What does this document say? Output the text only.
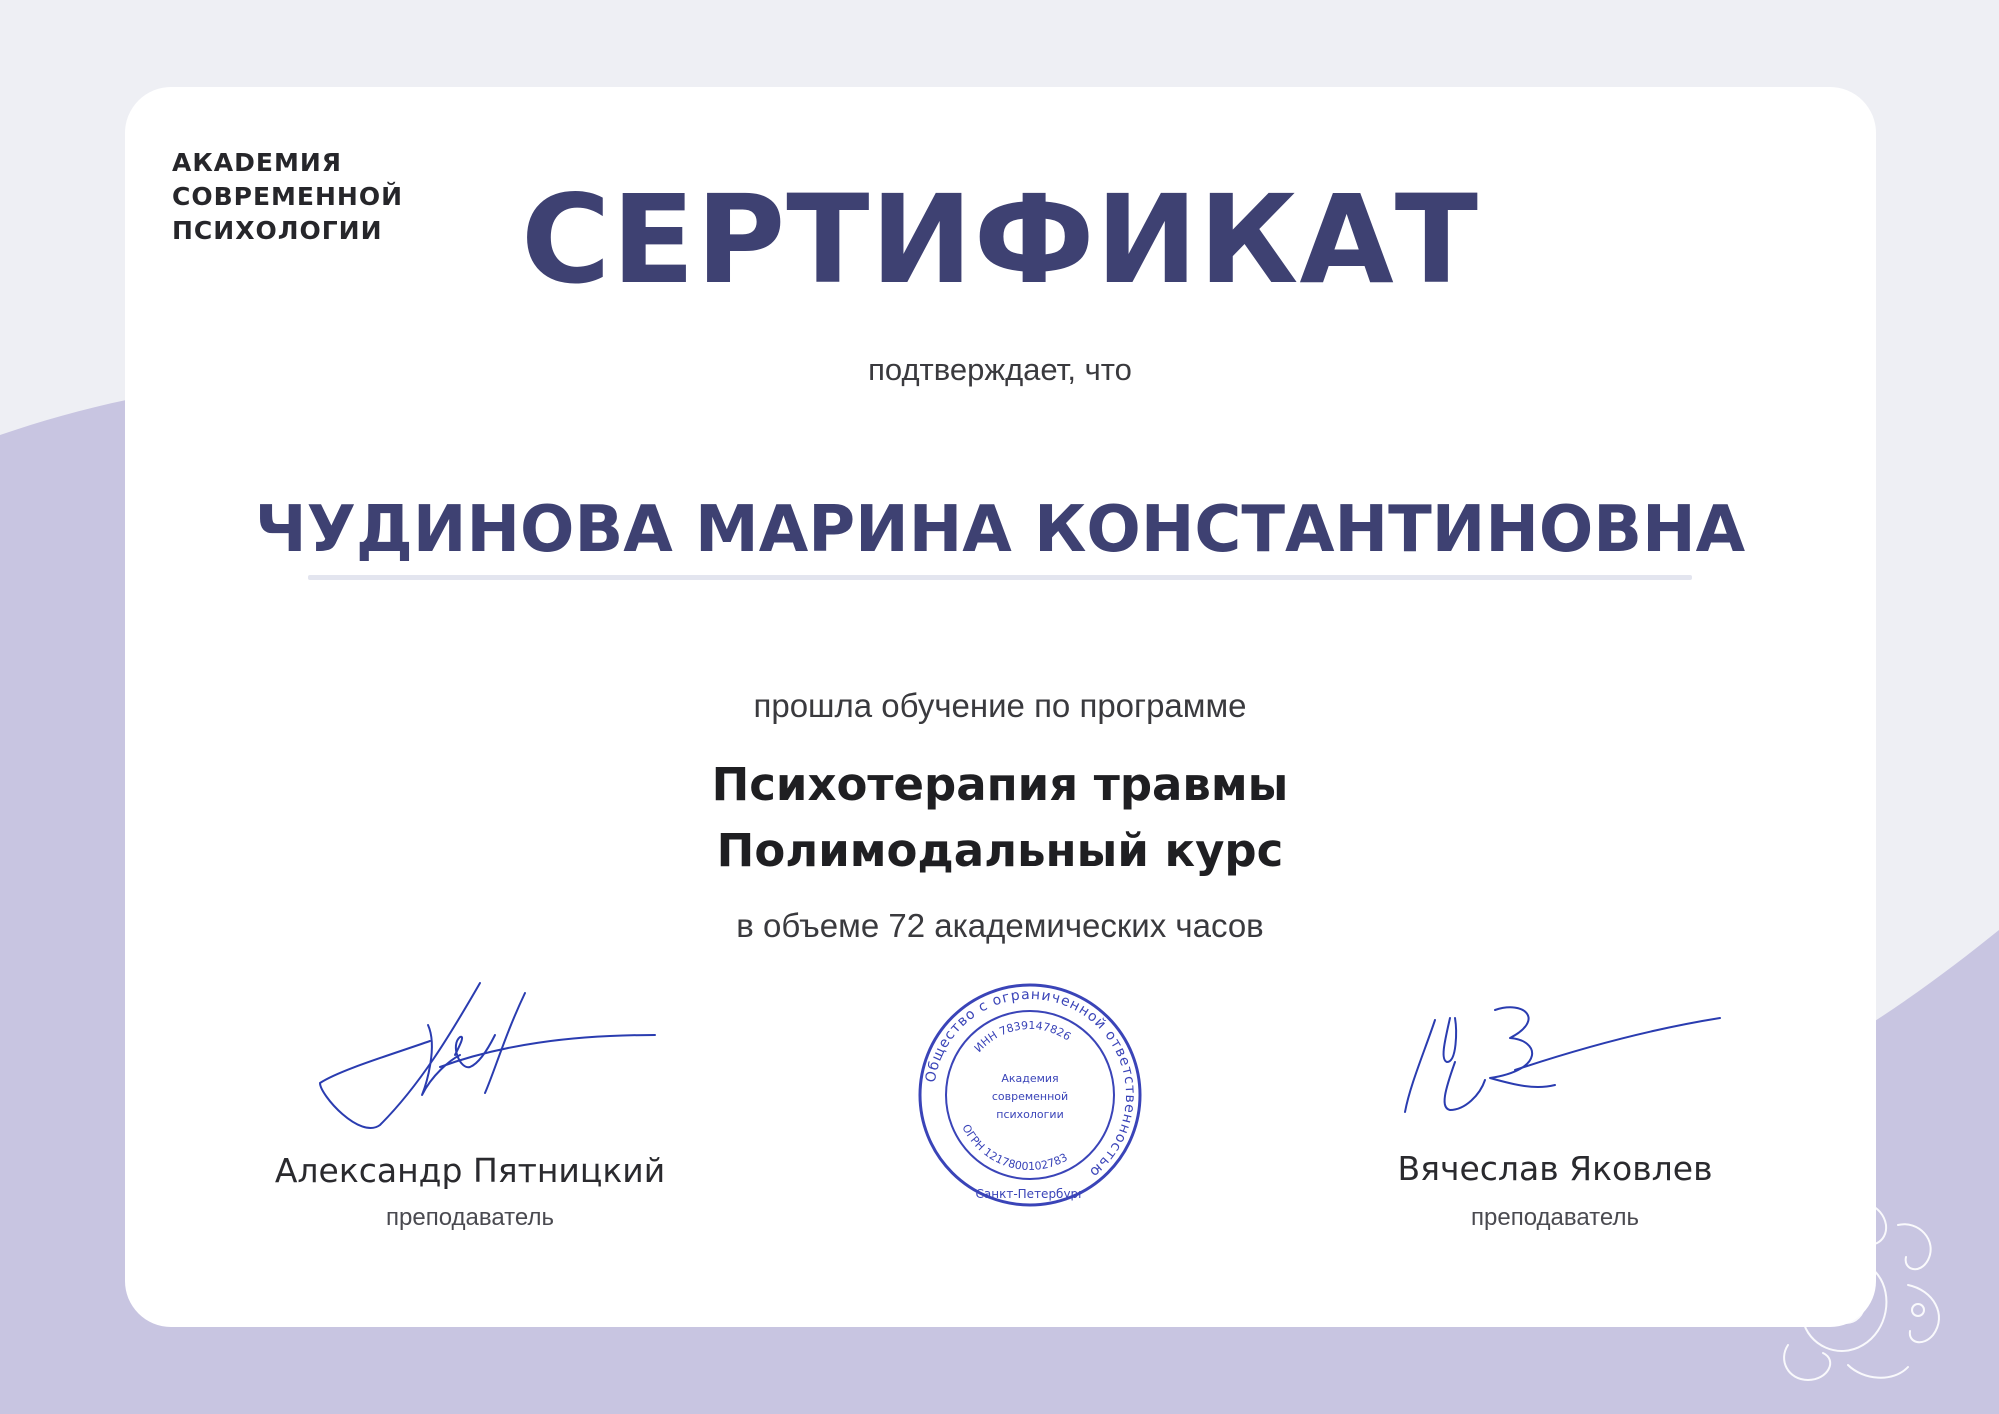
АКАDЕМИЯ
СОВРЕМЕННОЙ
ПСИХОЛОГИИ	СЕРТИФИКАТ
подтверждает, что
ЧУДИНОВА МАРИНА КОНСТАНТИНОВНА
прошла обучение по программе
Психотерапия травмы
Полимодальный курс
в объеме 72 академических часов
Александр Пятницкий
преподаватель
Вячеслав Яковлев
преподаватель
Общество с ограниченной ответственностью
ИНН 7839147826
ОГРН 1217800102783
Санкт-Петербург
Академия
современной
психологии
